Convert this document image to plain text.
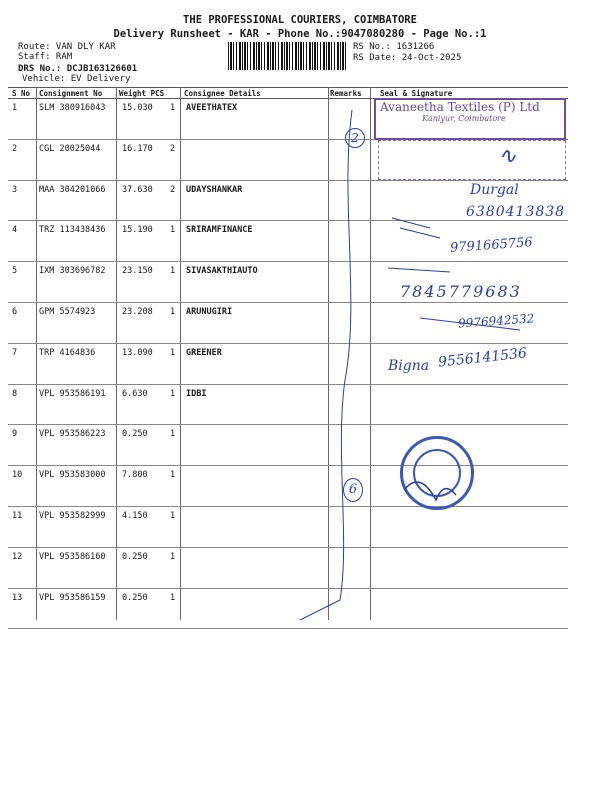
THE PROFESSIONAL COURIERS, COIMBATORE
Delivery Runsheet - KAR - Phone No.:9047080280 - Page No.:1
Route: VAN DLY KAR
Staff: RAM
DRS No.: DCJB163126601
Vehicle: EV Delivery
RS No.: 1631266
RS Date: 24-Oct-2025
S No Consignment No Weight PCS	Consignee Details	Remarks Seal & Signature
1	SLM 380916043 15.030 1 AVEETHATEX
2	CGL 20025044	16.170 2
3	MAA 304201066 37.630 2 UDAYSHANKAR
4	TRZ 113438436 15.190 1 SRIRAMFINANCE
5	IXM 303696782 23.150 1 SIVASAKTHIAUTO
6	GPM 5574923	23.208 1 ARUNUGIRI
7	TRP 4164836	13.090 1 GREENER
8	VPL 953586191 6.630	1 IDBI
9	VPL 953586223 0.250	1
10 VPL 953583000 7.800	1
11 VPL 953582999 4.150	1
12 VPL 953586160 0.250	1
13 VPL 953586159 0.250	1
Avaneetha Textiles (P) Ltd
Kaniyur, Coimbatore
∿
Durgal
6380413838
9791665756
7845779683
9976942532
Bigna 9556141536
2
6
